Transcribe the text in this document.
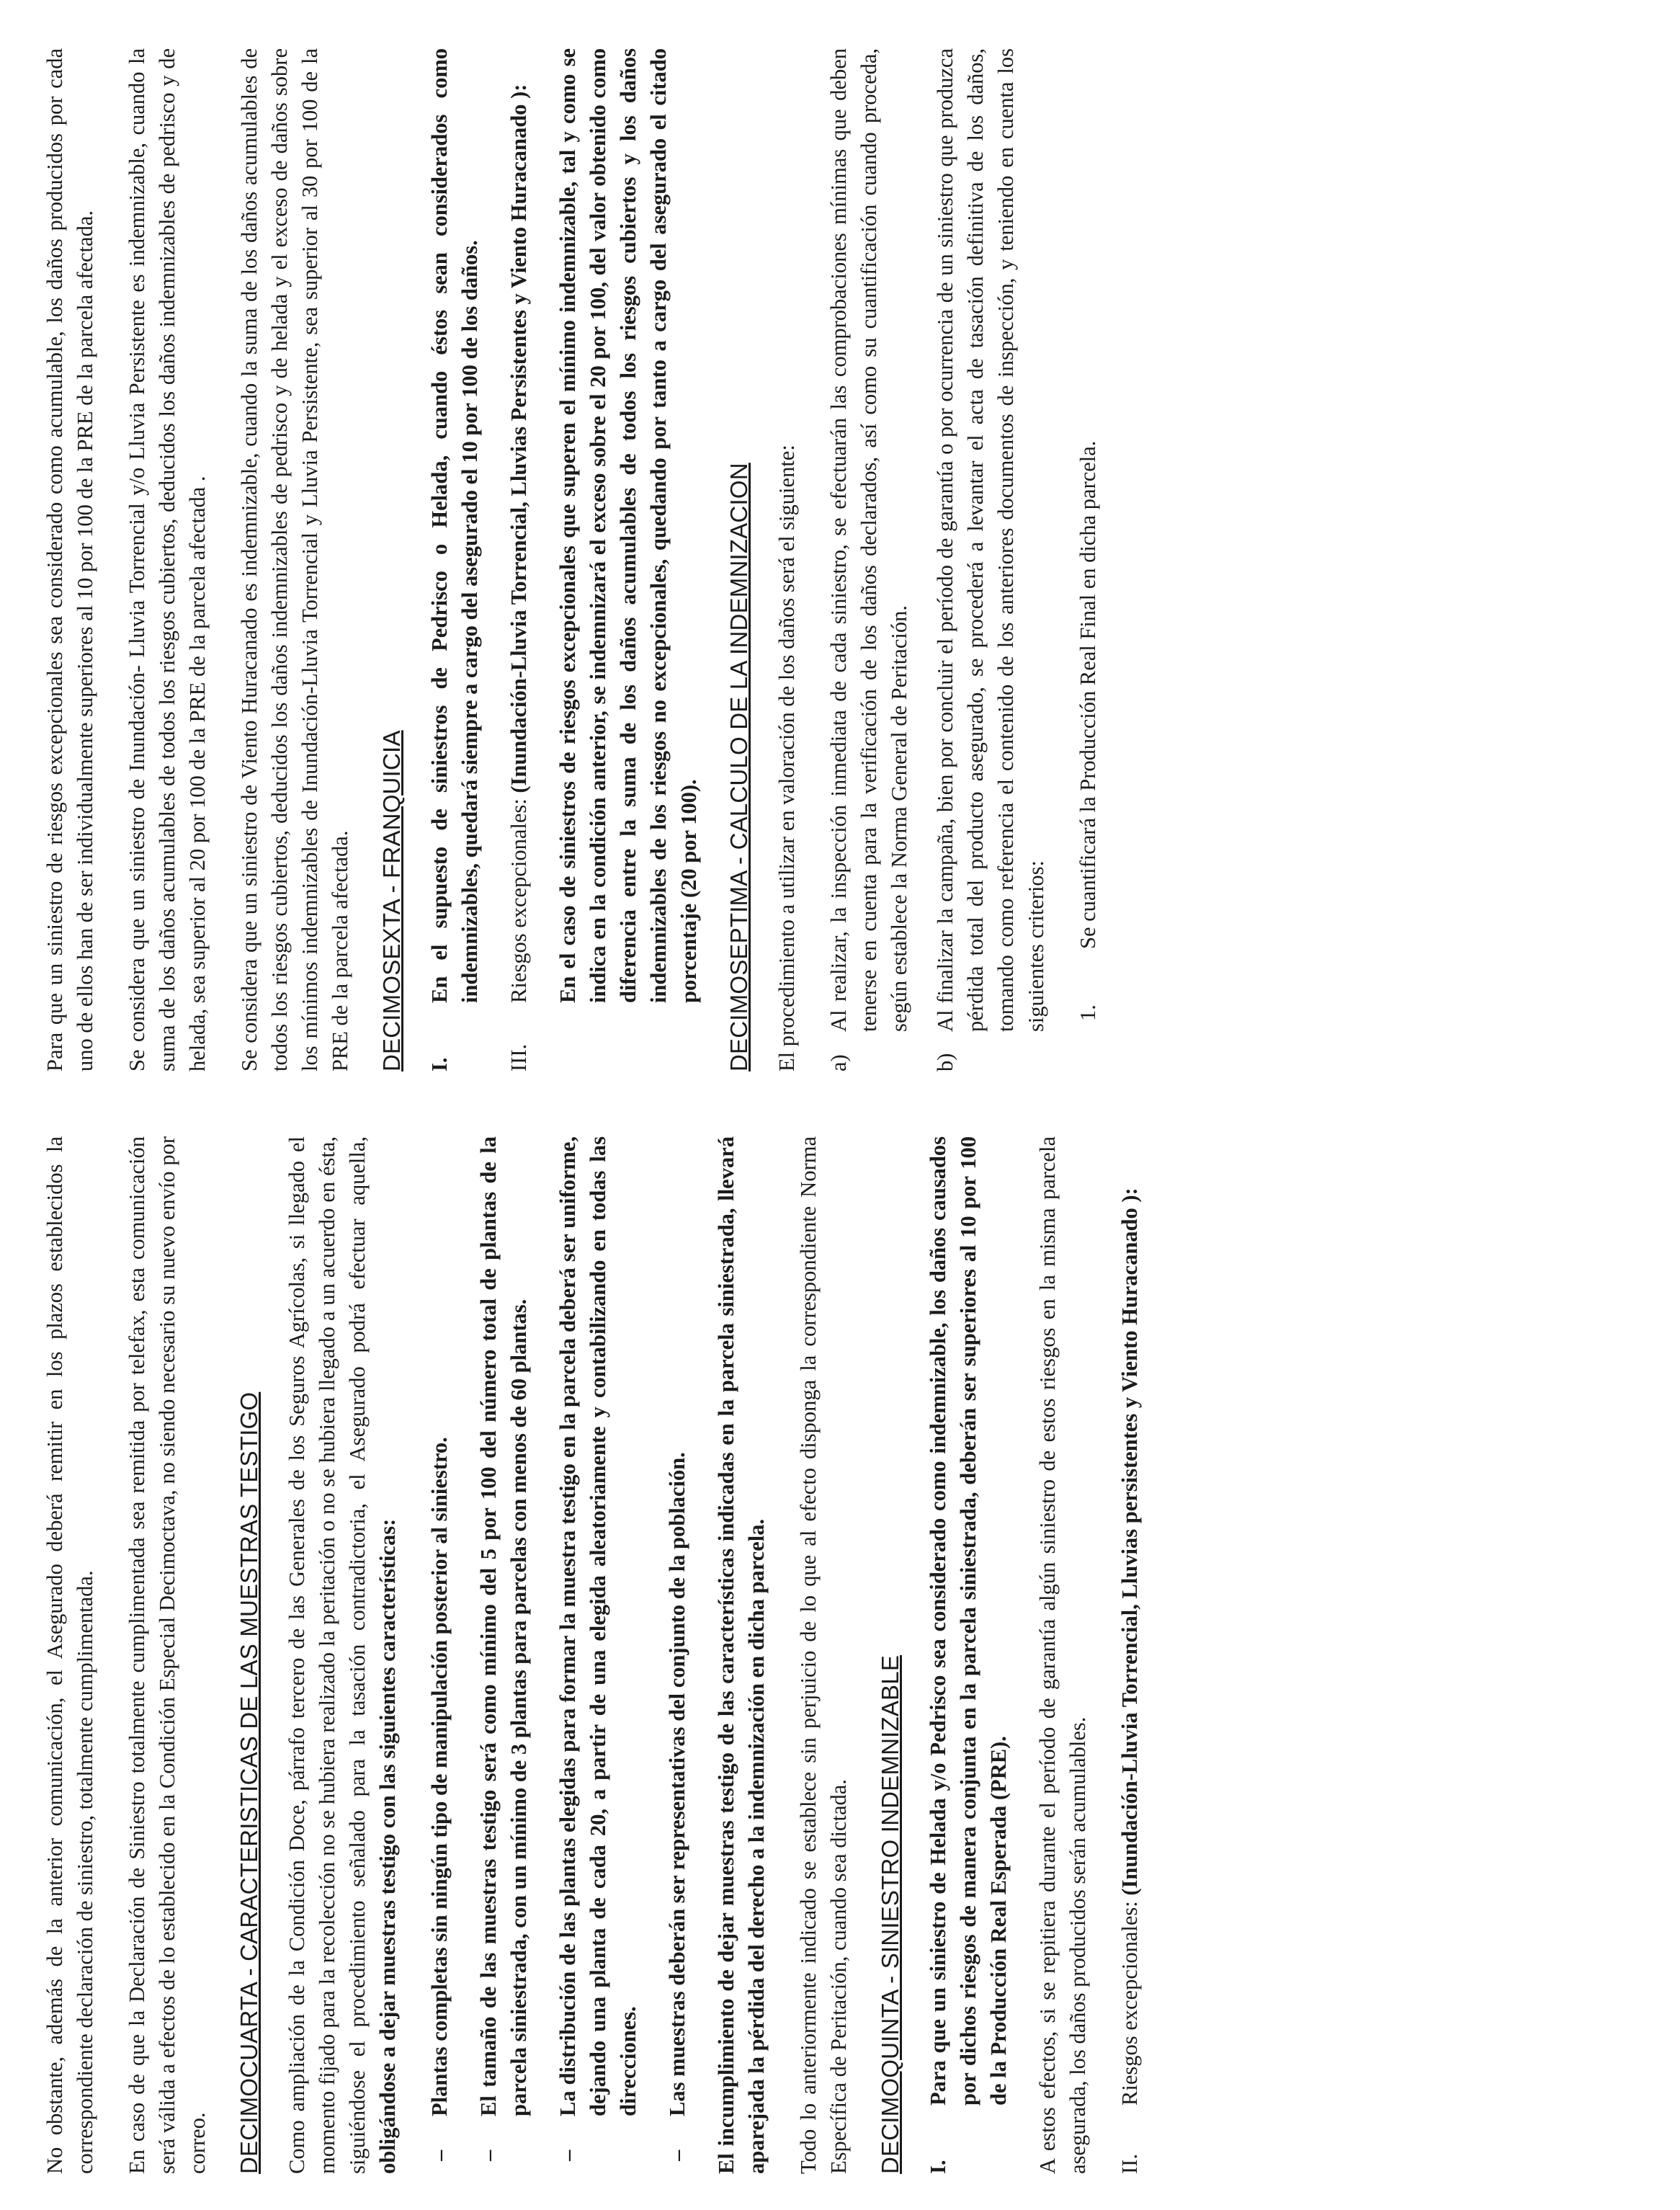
No obstante, además de la anterior comunicación, el Asegurado deberá remitir en los plazos establecidos la correspondiente declaración de siniestro, totalmente cumplimentada. En caso de que la Declaración de Siniestro totalmente cumplimentada sea remitida por telefax, esta comunicación será válida a efectos de lo establecido en la Condición Especial Decimoctava, no siendo necesario su nuevo envío por correo. DECIMOCUARTA - CARACTERISTICAS DE LAS MUESTRAS TESTIGO Como ampliación de la Condición Doce, párrafo tercero de las Generales de los Seguros Agrícolas, si llegado el momento fijado para la recolección no se hubiera realizado la peritación o no se hubiera llegado a un acuerdo en ésta, siguiéndose el procedimiento señalado para la tasación contradictoria, el Asegurado podrá efectuar aquella, obligándose a dejar muestras testigo con las siguientes características: –
Plantas completas sin ningún tipo de manipulación posterior al siniestro.
–
El tamaño de las muestras testigo será como mínimo del 5 por 100 del número total de plantas de la parcela siniestrada, con un mínimo de 3 plantas para parcelas con menos de 60 plantas.
–
La distribución de las plantas elegidas para formar la muestra testigo en la parcela deberá ser uniforme, dejando una planta de cada 20, a partir de una elegida aleatoriamente y contabilizando en todas las direcciones.
–
Las muestras deberán ser representativas del conjunto de la población. El incumplimiento de dejar muestras testigo de las características indicadas en la parcela siniestrada, llevará aparejada la pérdida del derecho a la indemnización en dicha parcela. Todo lo anteriormente indicado se establece sin perjuicio de lo que al efecto disponga la correspondiente Norma Específica de Peritación, cuando sea dictada. DECIMOQUINTA - SINIESTRO INDEMNIZABLE I.
Para que un siniestro de Helada y/o Pedrisco sea considerado como indemnizable, los daños causados por dichos riesgos de manera conjunta en la parcela siniestrada, deberán ser superiores al 10 por 100 de la Producción Real Esperada (PRE). A estos efectos, si se repitiera durante el período de garantía algún siniestro de estos riesgos en la misma parcela asegurada, los daños producidos serán acumulables. II.
Riesgos excepcionales: (Inundación-Lluvia Torrencial, Lluvias persistentes y Viento Huracanado ):

Para que un siniestro de riesgos excepcionales sea considerado como acumulable, los daños producidos por cada uno de ellos han de ser individualmente superiores al 10 por 100 de la PRE de la parcela afectada. Se considera que un siniestro de Inundación- Lluvia Torrencial y/o Lluvia Persistente es indemnizable, cuando la suma de los daños acumulables de todos los riesgos cubiertos, deducidos los daños indemnizables de pedrisco y de helada, sea superior al 20 por 100 de la PRE de la parcela afectada . Se considera que un siniestro de Viento Huracanado es indemnizable, cuando la suma de los daños acumulables de todos los riesgos cubiertos, deducidos los daños indemnizables de pedrisco y de helada y el exceso de daños sobre los mínimos indemnizables de Inundación-Lluvia Torrencial y Lluvia Persistente, sea superior al 30 por 100 de la PRE de la parcela afectada. DECIMOSEXTA - FRANQUICIA I.
En el supuesto de siniestros de Pedrisco o Helada, cuando éstos sean considerados como indemnizables, quedará siempre a cargo del asegurado el 10 por 100 de los daños.
III.
Riesgos excepcionales: (Inundación-Lluvia Torrencial, Lluvias Persistentes y Viento Huracanado ): En el caso de siniestros de riesgos excepcionales que superen el mínimo indemnizable, tal y como se indica en la condición anterior, se indemnizará el exceso sobre el 20 por 100, del valor obtenido como diferencia entre la suma de los daños acumulables de todos los riesgos cubiertos y los daños indemnizables de los riesgos no excepcionales, quedando por tanto a cargo del asegurado el citado porcentaje (20 por 100). DECIMOSEPTIMA - CALCULO DE LA INDEMNIZACION El procedimiento a utilizar en valoración de los daños será el siguiente: a)
Al realizar, la inspección inmediata de cada siniestro, se efectuarán las comprobaciones mínimas que deben tenerse en cuenta para la verificación de los daños declarados, así como su cuantificación cuando proceda, según establece la Norma General de Peritación.
b)
Al finalizar la campaña, bien por concluir el período de garantía o por ocurrencia de un siniestro que produzca pérdida total del producto asegurado, se procederá a levantar el acta de tasación definitiva de los daños, tomando como referencia el contenido de los anteriores documentos de inspección, y teniendo en cuenta los siguientes criterios: 1.
Se cuantificará la Producción Real Final en dicha parcela.
